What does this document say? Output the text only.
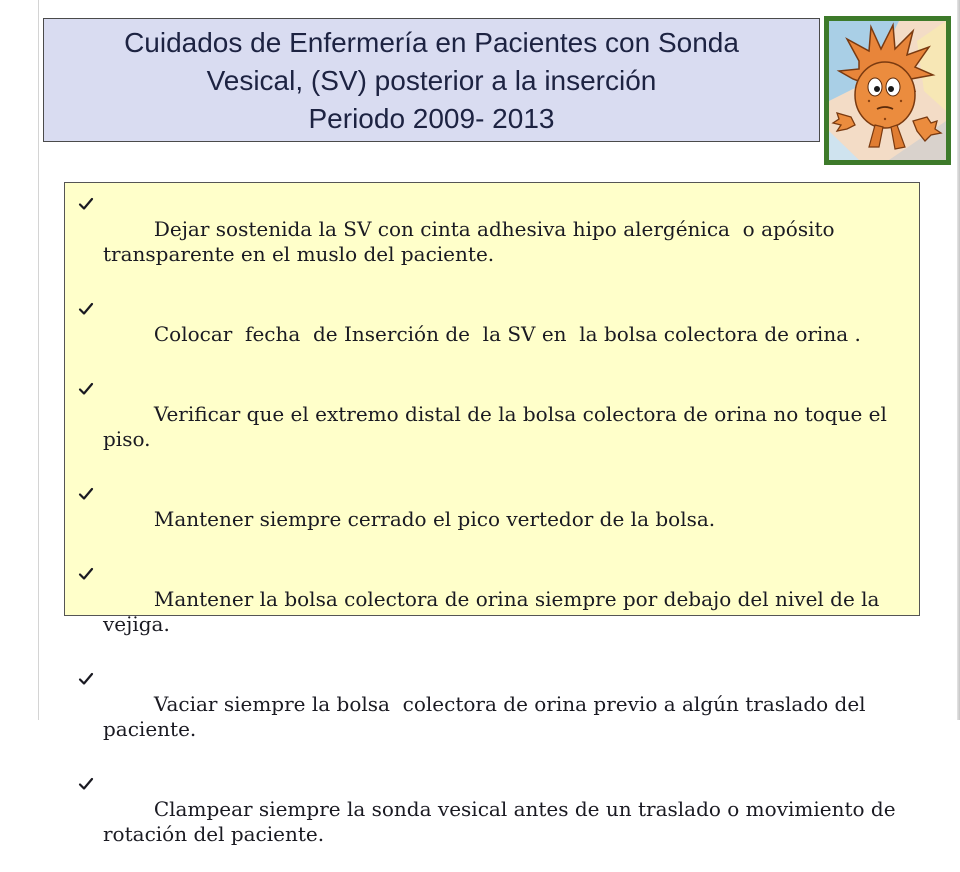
Cuidados de Enfermería en Pacientes con Sonda
Vesical, (SV) posterior a la inserción
Periodo 2009- 2013

Dejar sostenida la SV con cinta adhesiva hipo alergénica  o apósito transparente en el muslo del paciente.

Colocar  fecha  de Inserción de  la SV en  la bolsa colectora de orina .

Verificar que el extremo distal de la bolsa colectora de orina no toque el piso.

Mantener siempre cerrado el pico vertedor de la bolsa.

Mantener la bolsa colectora de orina siempre por debajo del nivel de la vejiga.

Vaciar siempre la bolsa  colectora de orina previo a algún traslado del paciente.

Clampear siempre la sonda vesical antes de un traslado o movimiento de rotación del paciente.
